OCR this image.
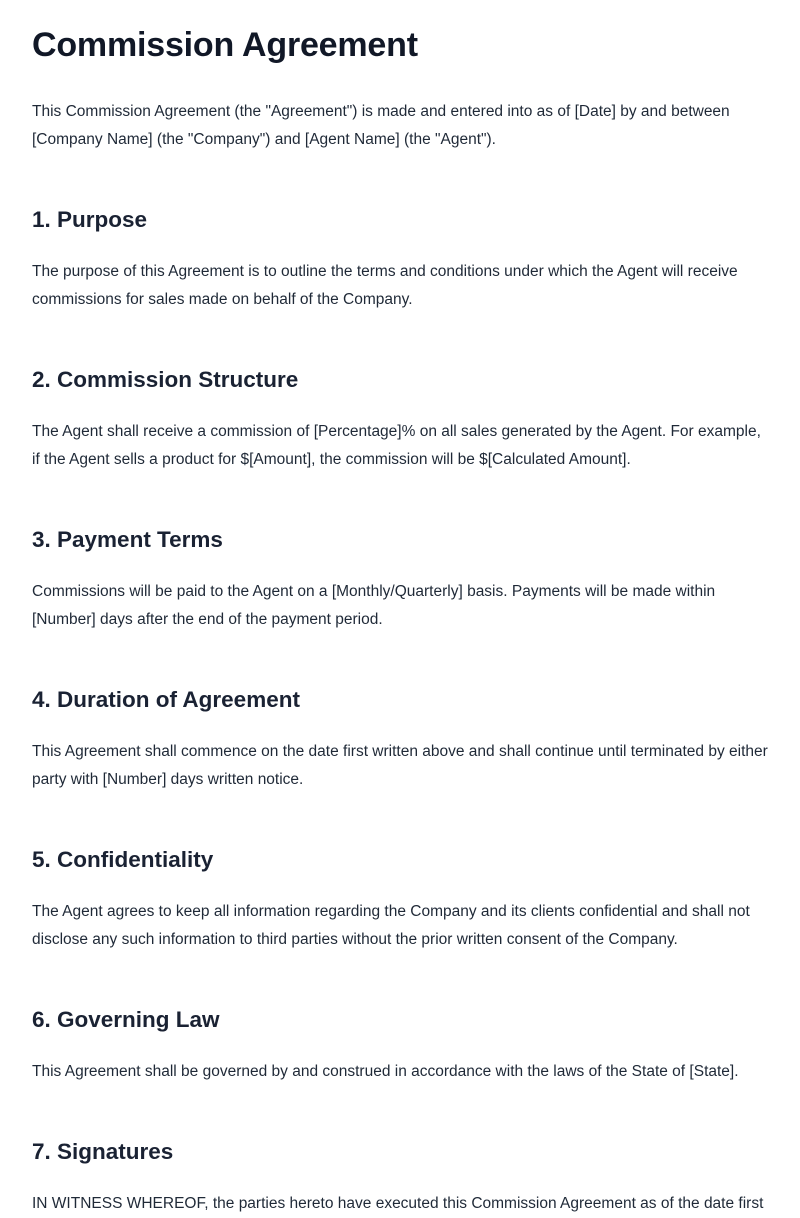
Commission Agreement

This Commission Agreement (the "Agreement") is made and entered into as of [Date] by and between [Company Name] (the "Company") and [Agent Name] (the "Agent").

1. Purpose

The purpose of this Agreement is to outline the terms and conditions under which the Agent will receive commissions for sales made on behalf of the Company.

2. Commission Structure

The Agent shall receive a commission of [Percentage]% on all sales generated by the Agent. For example, if the Agent sells a product for $[Amount], the commission will be $[Calculated Amount].

3. Payment Terms

Commissions will be paid to the Agent on a [Monthly/Quarterly] basis. Payments will be made within [Number] days after the end of the payment period.

4. Duration of Agreement

This Agreement shall commence on the date first written above and shall continue until terminated by either party with [Number] days written notice.

5. Confidentiality

The Agent agrees to keep all information regarding the Company and its clients confidential and shall not disclose any such information to third parties without the prior written consent of the Company.

6. Governing Law

This Agreement shall be governed by and construed in accordance with the laws of the State of [State].

7. Signatures

IN WITNESS WHEREOF, the parties hereto have executed this Commission Agreement as of the date first
